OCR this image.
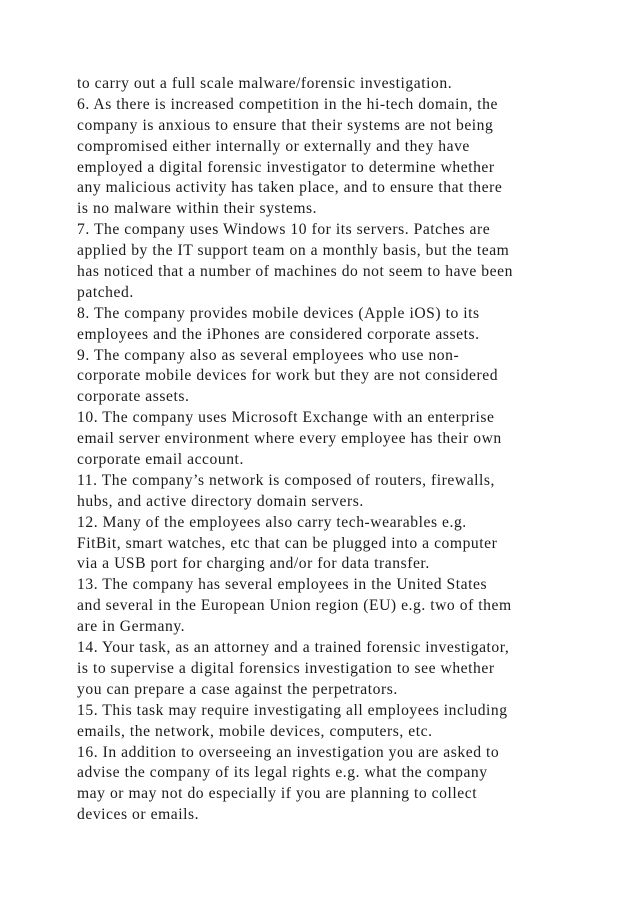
to carry out a full scale malware/forensic investigation.
6. As there is increased competition in the hi-tech domain, the
company is anxious to ensure that their systems are not being
compromised either internally or externally and they have
employed a digital forensic investigator to determine whether
any malicious activity has taken place, and to ensure that there
is no malware within their systems.
7. The company uses Windows 10 for its servers. Patches are
applied by the IT support team on a monthly basis, but the team
has noticed that a number of machines do not seem to have been
patched.
8. The company provides mobile devices (Apple iOS) to its
employees and the iPhones are considered corporate assets.
9. The company also as several employees who use non-
corporate mobile devices for work but they are not considered
corporate assets.
10. The company uses Microsoft Exchange with an enterprise
email server environment where every employee has their own
corporate email account.
11. The company’s network is composed of routers, firewalls,
hubs, and active directory domain servers.
12. Many of the employees also carry tech-wearables e.g.
FitBit, smart watches, etc that can be plugged into a computer
via a USB port for charging and/or for data transfer.
13. The company has several employees in the United States
and several in the European Union region (EU) e.g. two of them
are in Germany.
14. Your task, as an attorney and a trained forensic investigator,
is to supervise a digital forensics investigation to see whether
you can prepare a case against the perpetrators.
15. This task may require investigating all employees including
emails, the network, mobile devices, computers, etc.
16. In addition to overseeing an investigation you are asked to
advise the company of its legal rights e.g. what the company
may or may not do especially if you are planning to collect
devices or emails.
